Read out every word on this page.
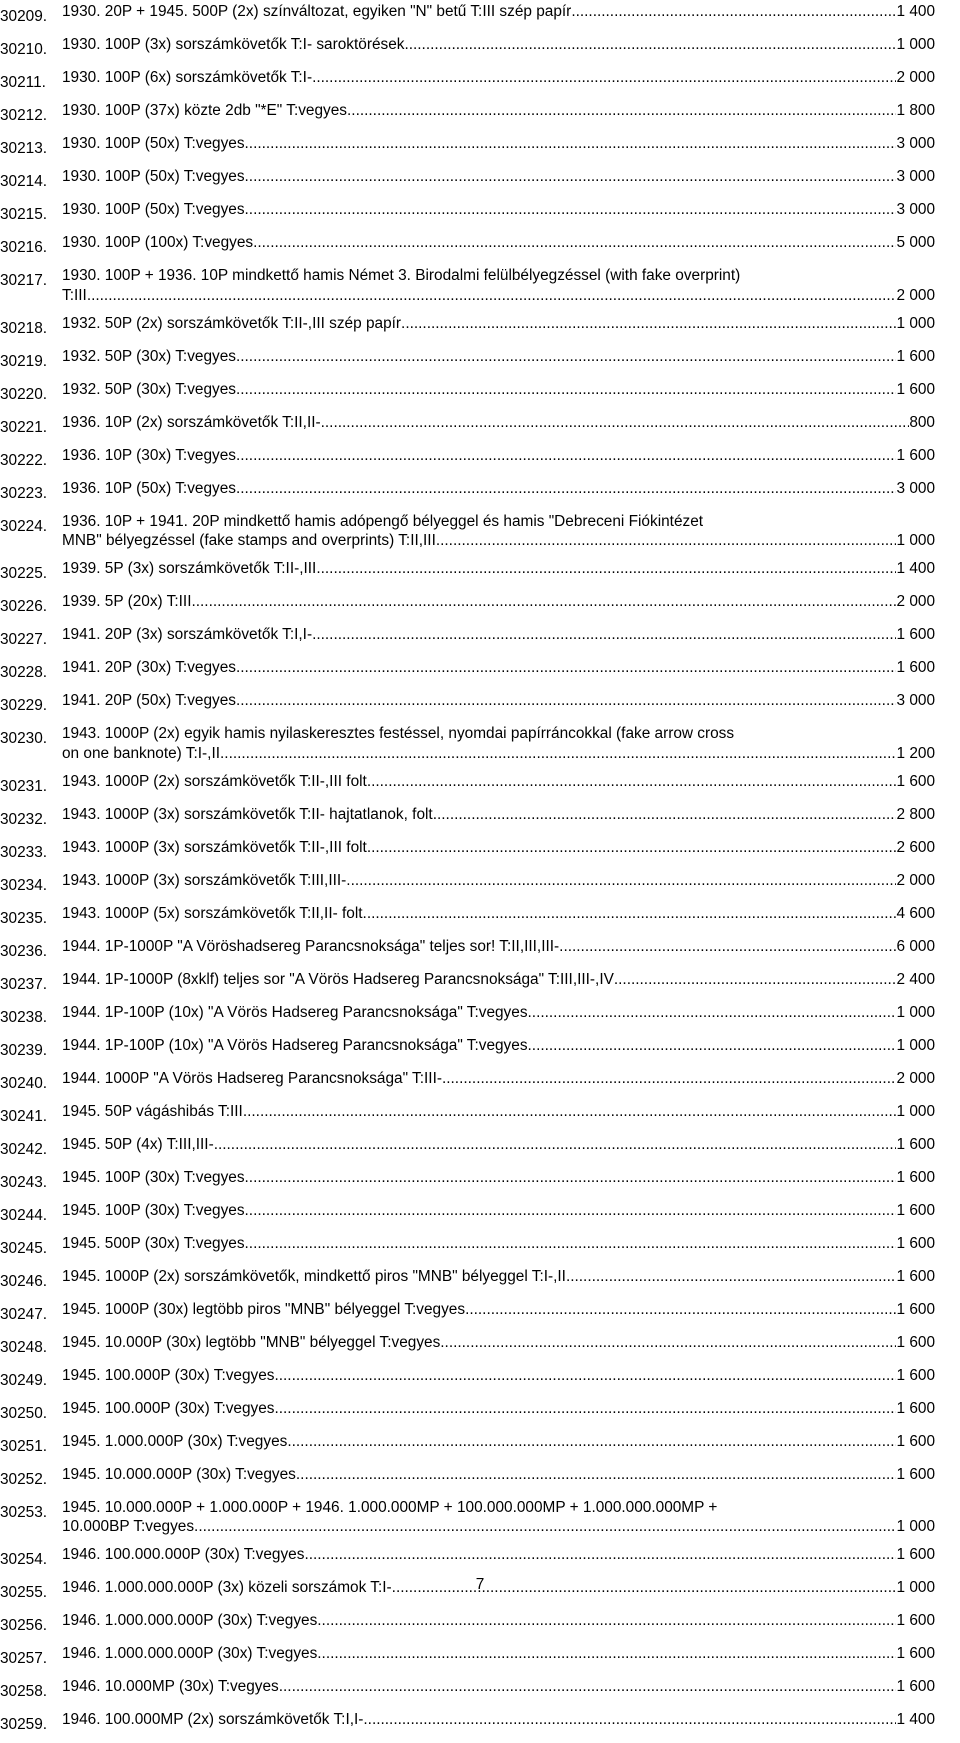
30209. 1930. 20P + 1945. 500P (2x) színváltozat, egyiken "N" betű T:III szép papír .....	1 400
30210. 1930. 100P (3x) sorszámkövetők T:I- saroktörések. .....	1 000
30211.	1930. 100P (6x) sorszámkövetők T:I- .....	2 000
30212. 1930. 100P (37x) közte 2db "*E" T:vegyes .....	1 800
30213. 1930. 100P (50x) T:vegyes .....	3 000
30214. 1930. 100P (50x) T:vegyes .....	3 000
30215. 1930. 100P (50x) T:vegyes .....	3 000
30216. 1930. 100P (100x) T:vegyes .....	5 000
30217. 1930. 100P + 1936. 10P mindkettő hamis Német 3. Birodalmi felülbélyegzéssel (with fake overprint)
T:III .....	2 000
30218. 1932. 50P (2x) sorszámkövetők T:II-,III szép papír .....	1 000
30219. 1932. 50P (30x) T:vegyes .....	1 600
30220. 1932. 50P (30x) T:vegyes .....	1 600
30221. 1936. 10P (2x) sorszámkövetők T:II,II- .....	800
30222. 1936. 10P (30x) T:vegyes .....	1 600
30223. 1936. 10P (50x) T:vegyes .....	3 000
30224. 1936. 10P + 1941. 20P mindkettő hamis adópengő bélyeggel és hamis "Debreceni Fiókintézet
MNB" bélyegzéssel (fake stamps and overprints) T:II,III .....	1 000
30225. 1939. 5P (3x) sorszámkövetők T:II-,III .....	1 400
30226. 1939. 5P (20x) T:III .....	2 000
30227. 1941. 20P (3x) sorszámkövetők T:I,I- .....	1 600
30228. 1941. 20P (30x) T:vegyes .....	1 600
30229. 1941. 20P (50x) T:vegyes .....	3 000
30230. 1943. 1000P (2x) egyik hamis nyilaskeresztes festéssel, nyomdai papírráncokkal (fake arrow cross
on one banknote) T:I-,II .....	1 200
30231. 1943. 1000P (2x) sorszámkövetők T:II-,III folt .....	1 600
30232. 1943. 1000P (3x) sorszámkövetők T:II- hajtatlanok, folt .....	2 800
30233. 1943. 1000P (3x) sorszámkövetők T:II-,III folt .....	2 600
30234. 1943. 1000P (3x) sorszámkövetők T:III,III- .....	2 000
30235. 1943. 1000P (5x) sorszámkövetők T:II,II- folt .....	4 600
30236. 1944. 1P-1000P "A Vöröshadsereg Parancsnoksága" teljes sor! T:II,III,III- .....	6 000
30237. 1944. 1P-1000P (8xklf) teljes sor "A Vörös Hadsereg Parancsnoksága" T:III,III-,IV .....	2 400
30238. 1944. 1P-100P (10x) "A Vörös Hadsereg Parancsnoksága" T:vegyes .....	1 000
30239. 1944. 1P-100P (10x) "A Vörös Hadsereg Parancsnoksága" T:vegyes .....	1 000
30240. 1944. 1000P "A Vörös Hadsereg Parancsnoksága" T:III- .....	2 000
30241. 1945. 50P vágáshibás T:III .....	1 000
30242. 1945. 50P (4x) T:III,III- .....	1 600
30243. 1945. 100P (30x) T:vegyes .....	1 600
30244. 1945. 100P (30x) T:vegyes .....	1 600
30245. 1945. 500P (30x) T:vegyes .....	1 600
30246. 1945. 1000P (2x) sorszámkövetők, mindkettő piros "MNB" bélyeggel T:I-,II .....	1 600
30247. 1945. 1000P (30x) legtöbb piros "MNB" bélyeggel T:vegyes .....	1 600
30248. 1945. 10.000P (30x) legtöbb "MNB" bélyeggel T:vegyes .....	1 600
30249. 1945. 100.000P (30x) T:vegyes .....	1 600
30250. 1945. 100.000P (30x) T:vegyes .....	1 600
30251. 1945. 1.000.000P (30x) T:vegyes .....	1 600
30252. 1945. 10.000.000P (30x) T:vegyes .....	1 600
30253. 1945. 10.000.000P + 1.000.000P + 1946. 1.000.000MP + 100.000.000MP + 1.000.000.000MP +
10.000BP T:vegyes. .....	1 000
30254. 1946. 100.000.000P (30x) T:vegyes .....	1 600
30255. 1946. 1.000.000.000P (3x) közeli sorszámok T:I- .....	1 000
30256. 1946. 1.000.000.000P (30x) T:vegyes .....	1 600
30257. 1946. 1.000.000.000P (30x) T:vegyes .....	1 600
30258. 1946. 10.000MP (30x) T:vegyes .....	1 600
30259. 1946. 100.000MP (2x) sorszámkövetők T:I,I- .....	1 400
7
